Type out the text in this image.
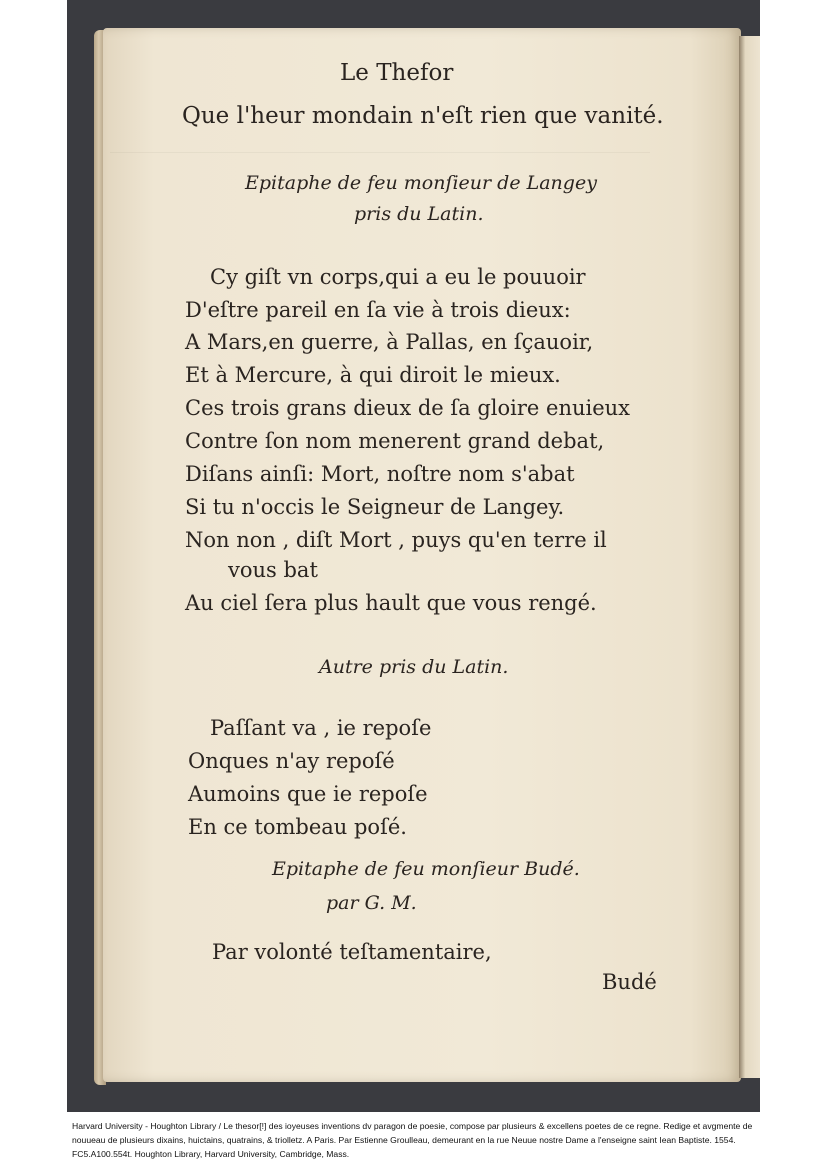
Le Thefor
Que l'heur mondain n'eſt rien que vanité.
Epitaphe de feu monſieur de Langey
pris du Latin.
Cy giſt vn corps,qui a eu le pouuoir
D'eſtre pareil en ſa vie à trois dieux:
A Mars,en guerre, à Pallas, en ſçauoir,
Et à Mercure, à qui diroit le mieux.
Ces trois grans dieux de ſa gloire enuieux
Contre ſon nom menerent grand debat,
Diſans ainſi: Mort, noſtre nom s'abat
Si tu n'occis le Seigneur de Langey.
Non non , diſt Mort , puys qu'en terre il
vous bat
Au ciel ſera plus hault que vous rengé.
Autre pris du Latin.
Paſſant va , ie repoſe
Onques n'ay repoſé
Aumoins que ie repoſe
En ce tombeau poſé.
Epitaphe de feu monſieur Budé.
par G. M.
Par volonté teſtamentaire,
Budé
Harvard University - Houghton Library / Le thesor[!] des ioyeuses inventions dv paragon de poesie, compose par plusieurs & excellens poetes de ce regne. Redige et avgmente de nouueau de plusieurs dixains, huictains, quatrains, & triolletz. A Paris. Par Estienne Groulleau, demeurant en la rue Neuue nostre Dame a l'enseigne saint Iean Baptiste. 1554. FC5.A100.554t. Houghton Library, Harvard University, Cambridge, Mass.
